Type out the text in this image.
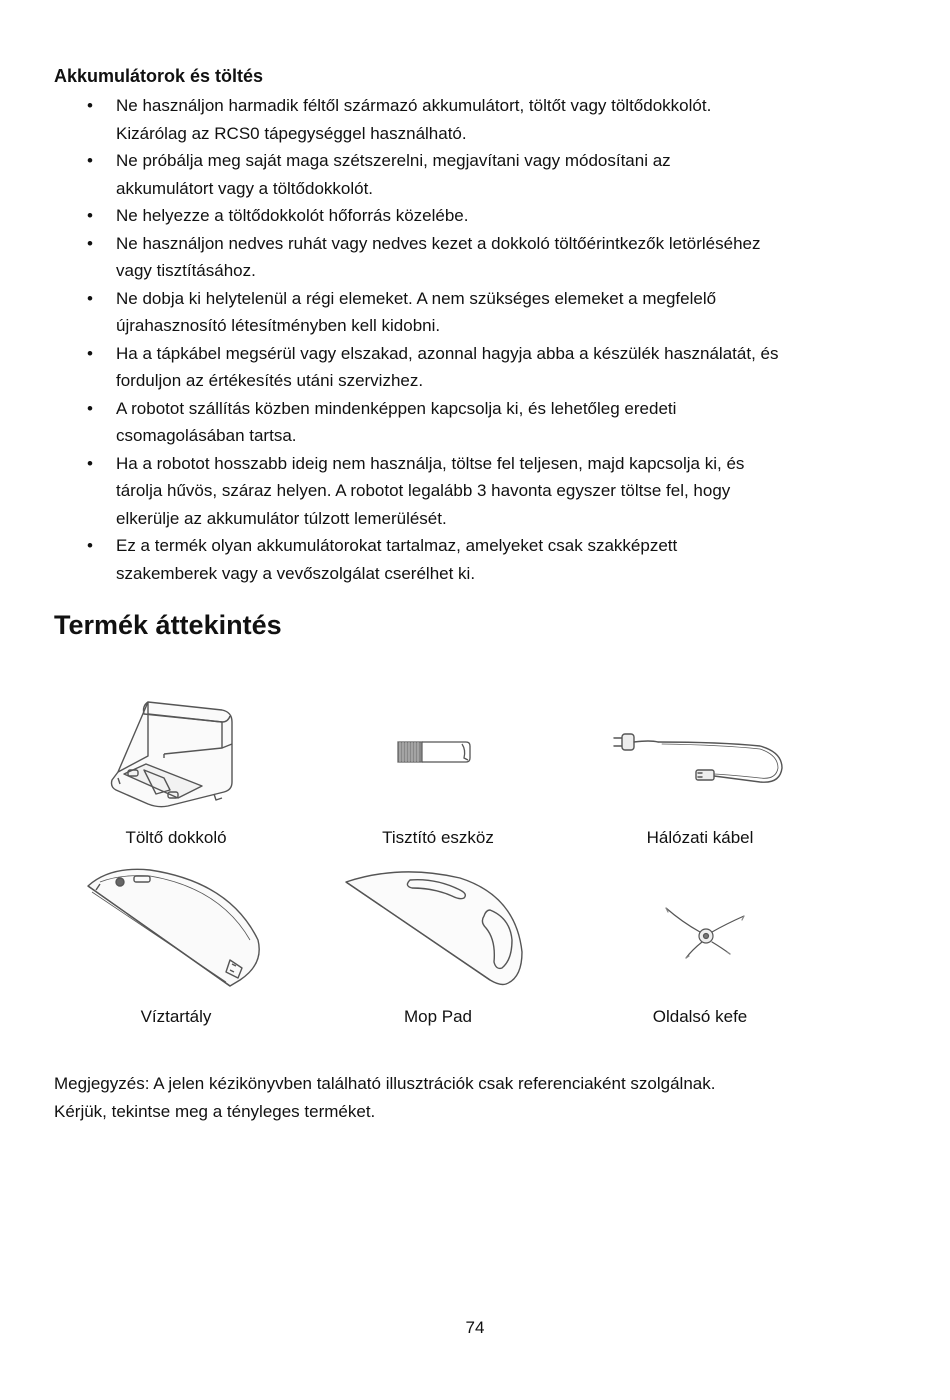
Akkumulátorok és töltés
• Ne használjon harmadik féltől származó akkumulátort, töltőt vagy töltődokkolót.
Kizárólag az RCS0 tápegységgel használható.
• Ne próbálja meg saját maga szétszerelni, megjavítani vagy módosítani az
akkumulátort vagy a töltődokkolót.
• Ne helyezze a töltődokkolót hőforrás közelébe.
• Ne használjon nedves ruhát vagy nedves kezet a dokkoló töltőérintkezők letörléséhez
vagy tisztításához.
• Ne dobja ki helytelenül a régi elemeket. A nem szükséges elemeket a megfelelő
újrahasznosító létesítményben kell kidobni.
• Ha a tápkábel megsérül vagy elszakad, azonnal hagyja abba a készülék használatát, és
forduljon az értékesítés utáni szervizhez.
• A robotot szállítás közben mindenképpen kapcsolja ki, és lehetőleg eredeti
csomagolásában tartsa.
• Ha a robotot hosszabb ideig nem használja, töltse fel teljesen, majd kapcsolja ki, és
tárolja hűvös, száraz helyen. A robotot legalább 3 havonta egyszer töltse fel, hogy
elkerülje az akkumulátor túlzott lemerülését.
• Ez a termék olyan akkumulátorokat tartalmaz, amelyeket csak szakképzett
szakemberek vagy a vevőszolgálat cserélhet ki.
Termék áttekintés
Töltő dokkoló	Tisztító eszköz	Hálózati kábel
Víztartály	Mop Pad	Oldalsó kefe

Megjegyzés: A jelen kézikönyvben található illusztrációk csak referenciaként szolgálnak.
Kérjük, tekintse meg a tényleges terméket.

74
